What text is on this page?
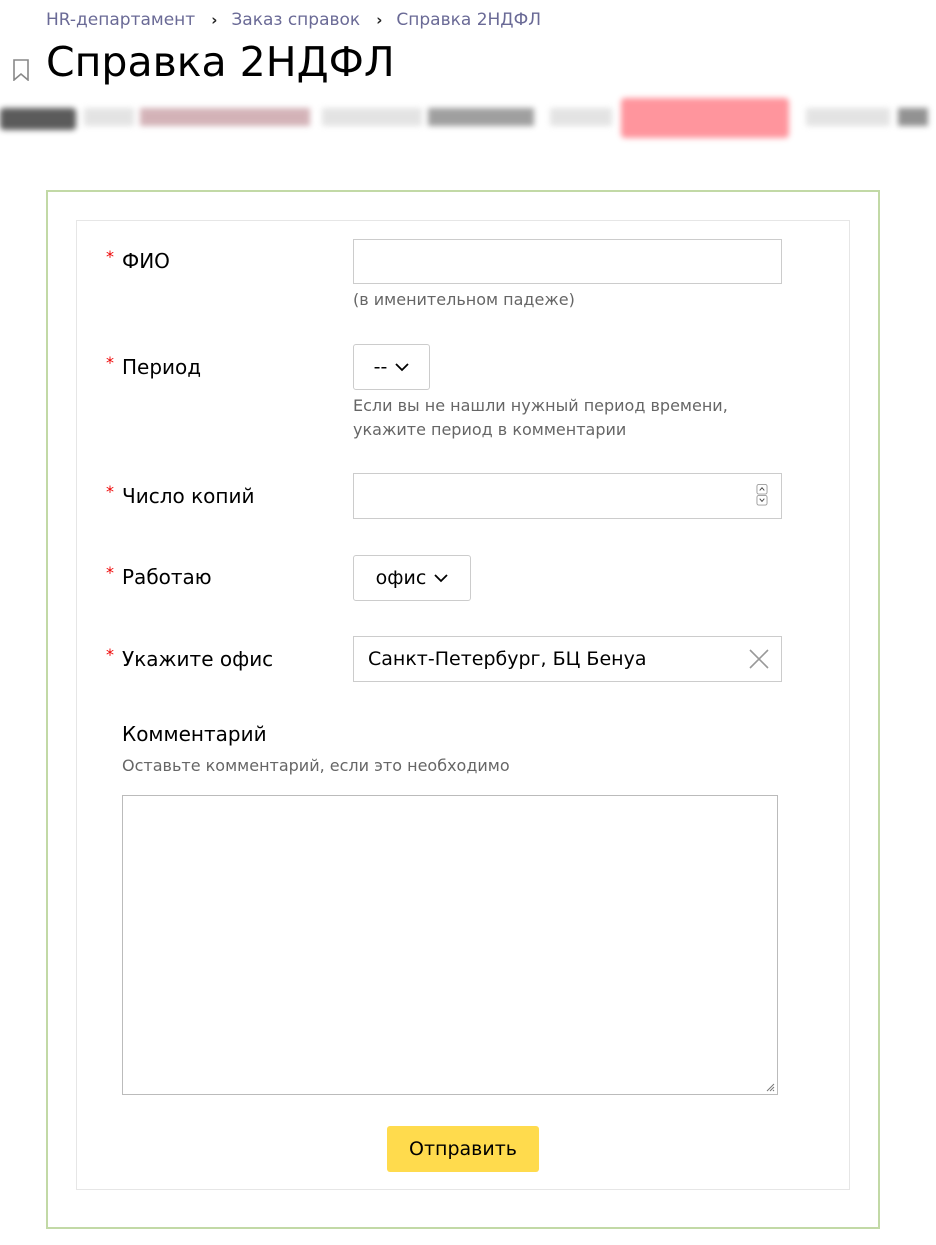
HR-департамент › Заказ справок › Справка 2НДФЛ
Справка 2НДФЛ
* ФИО
(в именительном падеже)
* Период	--
Если вы не нашли нужный период времени,
укажите период в комментарии
* Число копий
* Работаю	офис
* Укажите офис
Санкт-Петербург, БЦ Бенуа
Комментарий
Оставьте комментарий, если это необходимо
Отправить
